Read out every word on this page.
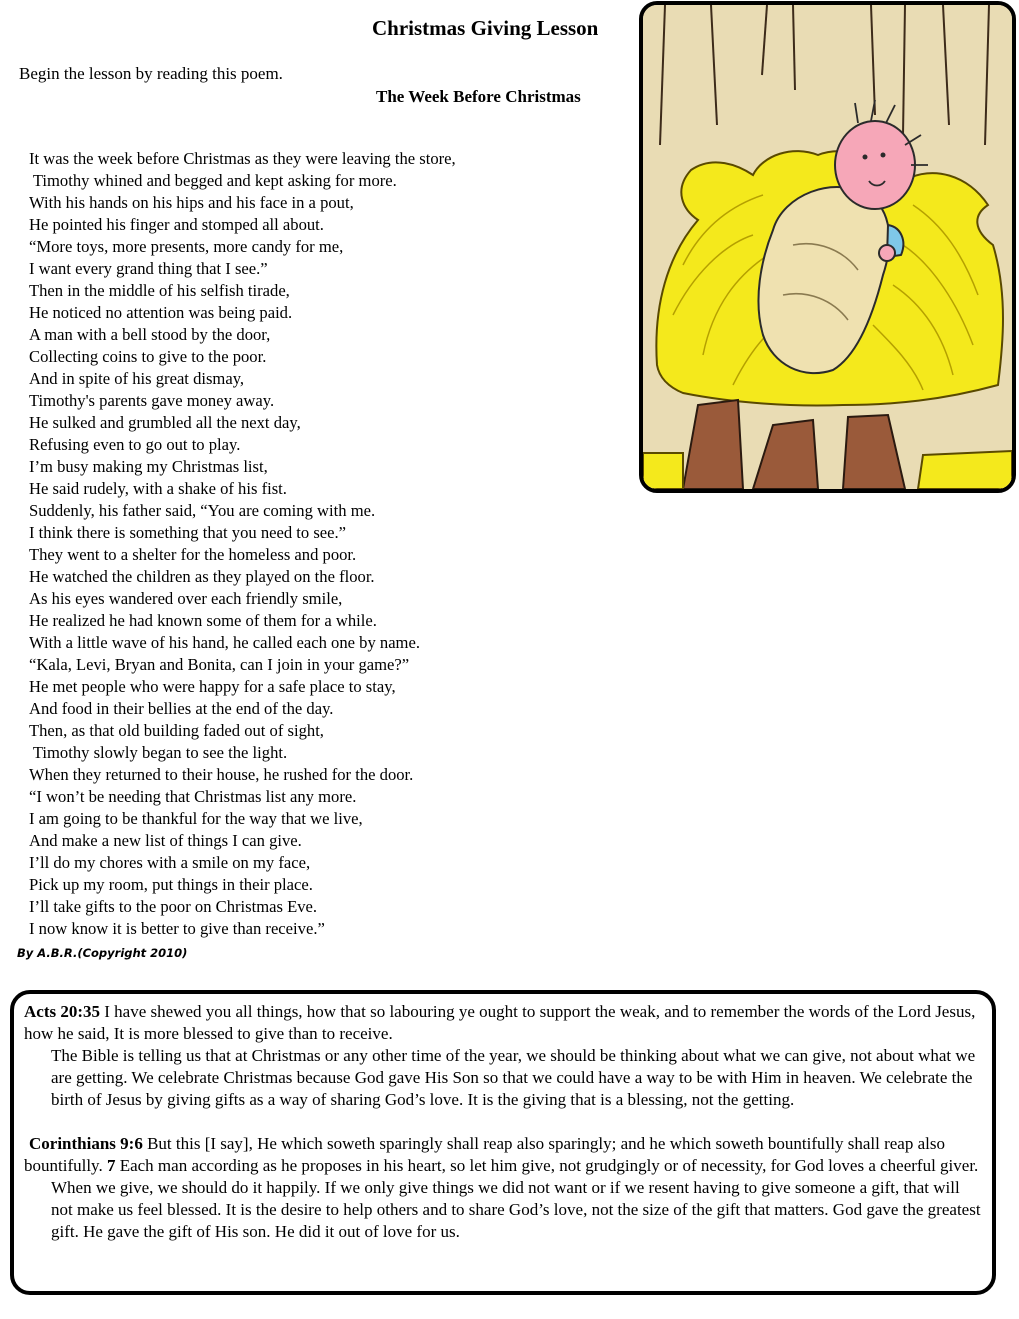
Christmas Giving Lesson

Begin the lesson by reading this poem.

The Week Before Christmas
It was the week before Christmas as they were leaving the store,
Timothy whined and begged and kept asking for more.
With his hands on his hips and his face in a pout,
He pointed his finger and stomped all about.
“More toys, more presents, more candy for me,
I want every grand thing that I see.”
Then in the middle of his selfish tirade,
He noticed no attention was being paid.
A man with a bell stood by the door,
Collecting coins to give to the poor.
And in spite of his great dismay,
Timothy's parents gave money away.
He sulked and grumbled all the next day,
Refusing even to go out to play.
I’m busy making my Christmas list,
He said rudely, with a shake of his fist.
Suddenly, his father said, “You are coming with me.
I think there is something that you need to see.”
They went to a shelter for the homeless and poor.
He watched the children as they played on the floor.
As his eyes wandered over each friendly smile,
He realized he had known some of them for a while.
With a little wave of his hand, he called each one by name.
“Kala, Levi, Bryan and Bonita, can I join in your game?”
He met people who were happy for a safe place to stay,
And food in their bellies at the end of the day.
Then, as that old building faded out of sight,
Timothy slowly began to see the light.
When they returned to their house, he rushed for the door.
“I won’t be needing that Christmas list any more.
I am going to be thankful for the way that we live,
And make a new list of things I can give.
I’ll do my chores with a smile on my face,
Pick up my room, put things in their place.
I’ll take gifts to the poor on Christmas Eve.
I now know it is better to give than receive.”

By A.B.R.(Copyright 2010)

Acts 20:35 I have shewed you all things, how that so labouring ye ought to support the weak, and to remember the words of the Lord Jesus, how he said, It is more blessed to give than to receive.

The Bible is telling us that at Christmas or any other time of the year, we should be thinking about what we can give, not about what we are getting. We celebrate Christmas because God gave His Son so that we could have a way to be with Him in heaven. We celebrate the birth of Jesus by giving gifts as a way of sharing God’s love. It is the giving that is a blessing, not the getting.

Corinthians 9:6 But this [I say], He which soweth sparingly shall reap also sparingly; and he which soweth bountifully shall reap also bountifully. 7 Each man according as he proposes in his heart, so let him give, not grudgingly or of necessity, for God loves a cheerful giver.

When we give, we should do it happily. If we only give things we did not want or if we resent having to give someone a gift, that will not make us feel blessed. It is the desire to help others and to share God’s love, not the size of the gift that matters. God gave the greatest gift. He gave the gift of His son. He did it out of love for us.
